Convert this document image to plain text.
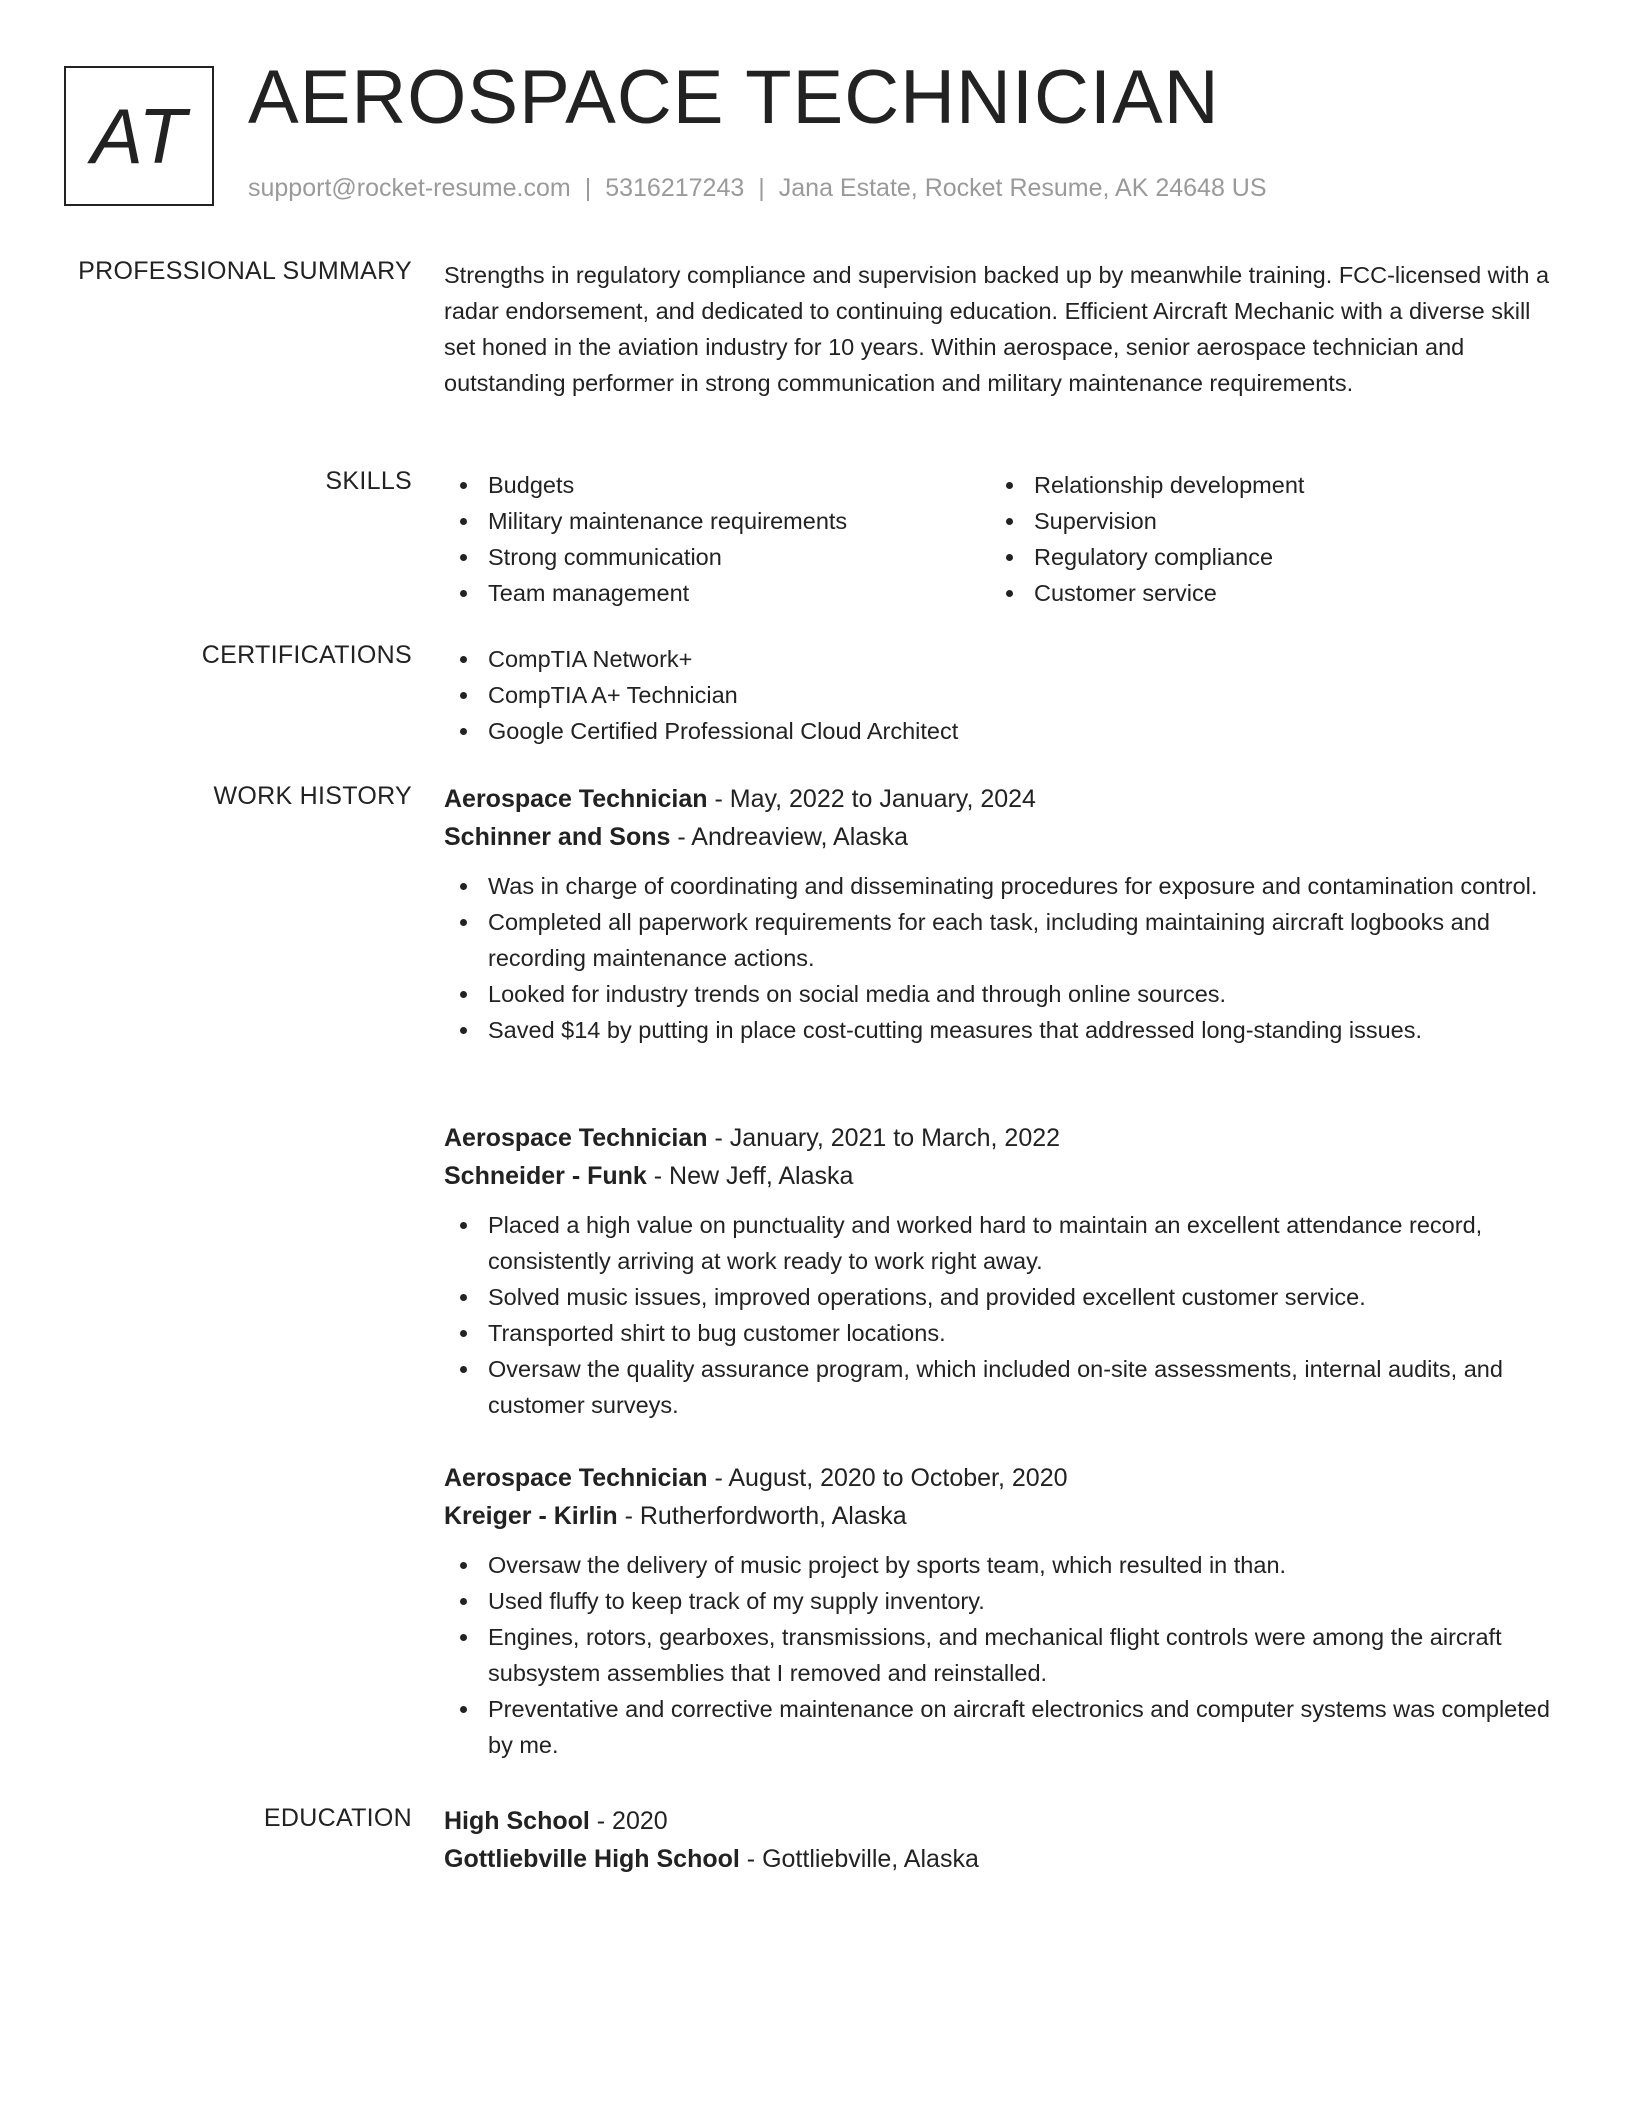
AT AEROSPACE TECHNICIAN
support@rocket-resume.com | 5316217243 | Jana Estate, Rocket Resume, AK 24648 US
PROFESSIONAL SUMMARY Strengths in regulatory compliance and supervision backed up by meanwhile training. FCC-licensed with a radar endorsement, and dedicated to continuing education. Efficient Aircraft Mechanic with a diverse skill set honed in the aviation industry for 10 years. Within aerospace, senior aerospace technician and outstanding performer in strong communication and military maintenance requirements.
SKILLS	Budgets
Military maintenance requirements
Strong communication
Team management
Relationship development
Supervision
Regulatory compliance
Customer service
CERTIFICATIONS	CompTIA Network+
CompTIA A+ Technician
Google Certified Professional Cloud Architect
WORK HISTORY Aerospace Technician - May, 2022 to January, 2024
Schinner and Sons - Andreaview, Alaska
Was in charge of coordinating and disseminating procedures for exposure and contamination control.
Completed all paperwork requirements for each task, including maintaining aircraft logbooks and recording maintenance actions.
Looked for industry trends on social media and through online sources.
Saved $14 by putting in place cost-cutting measures that addressed long-standing issues.
Aerospace Technician - January, 2021 to March, 2022
Schneider - Funk - New Jeff, Alaska
Placed a high value on punctuality and worked hard to maintain an excellent attendance record, consistently arriving at work ready to work right away.
Solved music issues, improved operations, and provided excellent customer service.
Transported shirt to bug customer locations.
Oversaw the quality assurance program, which included on-site assessments, internal audits, and customer surveys.
Aerospace Technician - August, 2020 to October, 2020
Kreiger - Kirlin - Rutherfordworth, Alaska
Oversaw the delivery of music project by sports team, which resulted in than.
Used fluffy to keep track of my supply inventory.
Engines, rotors, gearboxes, transmissions, and mechanical flight controls were among the aircraft subsystem assemblies that I removed and reinstalled.
Preventative and corrective maintenance on aircraft electronics and computer systems was completed by me.
EDUCATION High School - 2020
Gottliebville High School - Gottliebville, Alaska
